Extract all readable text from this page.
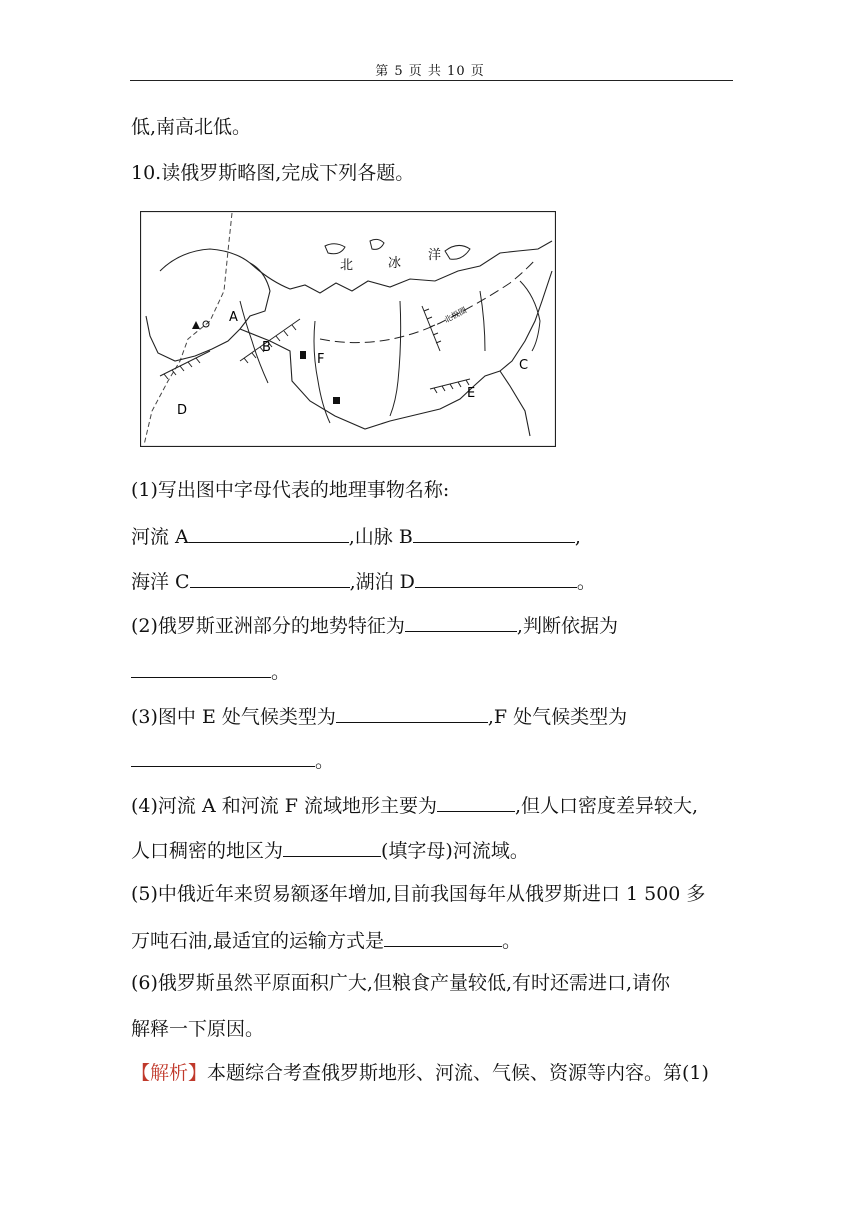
第 5 页 共 10 页
低,南高北低。
10.读俄罗斯略图,完成下列各题。
北	冰
洋
北极圈
A
B
C
D
E
F
(1)写出图中字母代表的地理事物名称:
河流 A	,山脉 B	,
海洋 C	,湖泊 D	。
(2)俄罗斯亚洲部分的地势特征为	,判断依据为
。
(3)图中 E 处气候类型为	,F 处气候类型为
。
(4)河流 A 和河流 F 流域地形主要为	,但人口密度差异较大,
人口稠密的地区为	(填字母)河流域。
(5)中俄近年来贸易额逐年增加,目前我国每年从俄罗斯进口 1 500 多
万吨石油,最适宜的运输方式是	。
(6)俄罗斯虽然平原面积广大,但粮食产量较低,有时还需进口,请你
解释一下原因。
【解析】本题综合考查俄罗斯地形、河流、气候、资源等内容。第(1)
